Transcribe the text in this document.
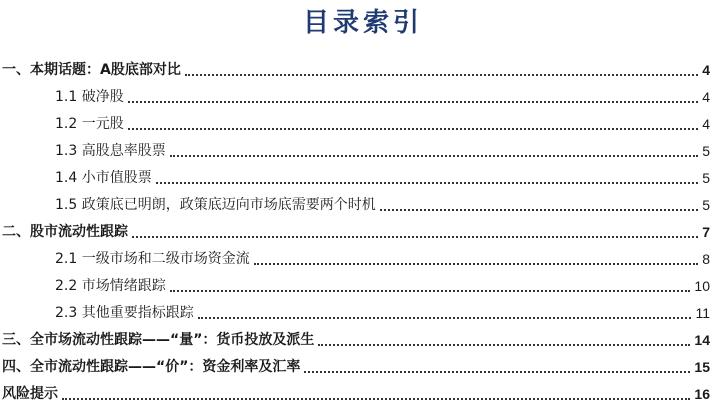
目录索引
一、本期话题：A股底部对比	4
1.1 破净股	4
1.2 一元股	4
1.3 高股息率股票	5
1.4 小市值股票	5
1.5 政策底已明朗，政策底迈向市场底需要两个时机	5
二、股市流动性跟踪	7
2.1 一级市场和二级市场资金流	8
2.2 市场情绪跟踪	10
2.3 其他重要指标跟踪	11
三、全市场流动性跟踪——“量”：货币投放及派生	14
四、全市流动性跟踪——“价”：资金利率及汇率	15
风险提示	16
